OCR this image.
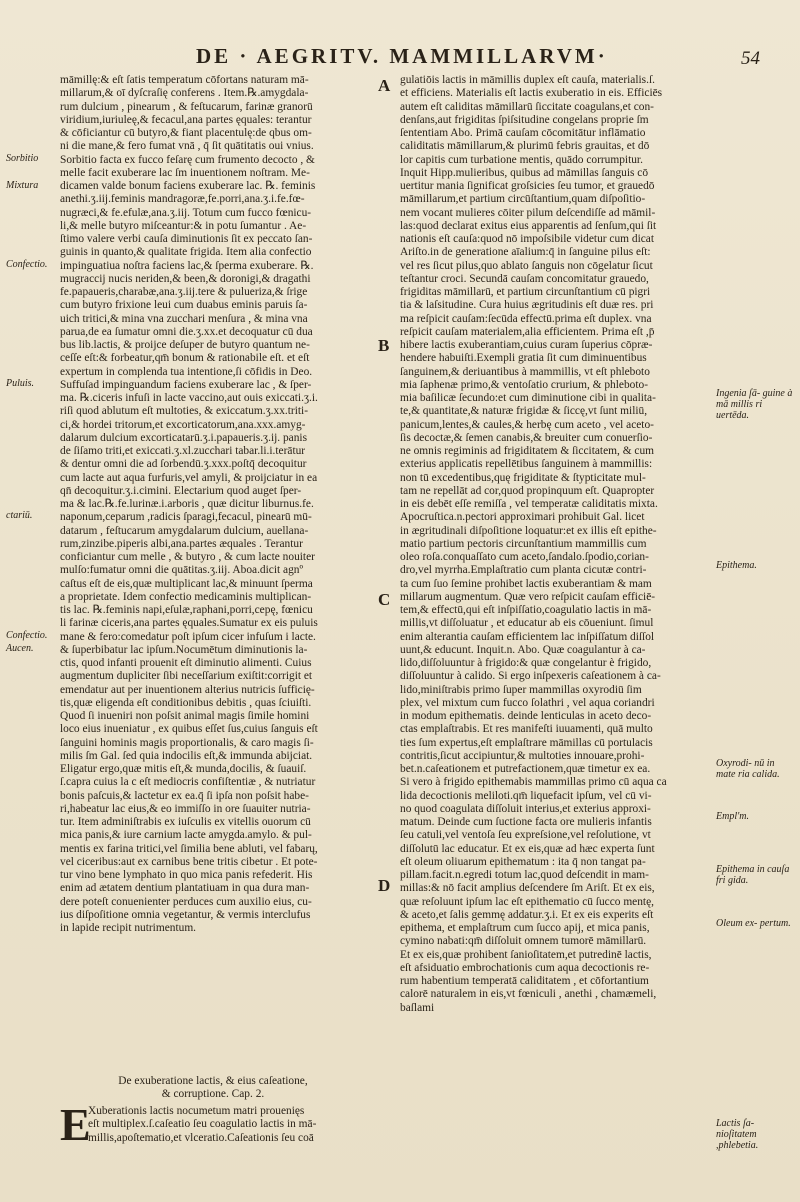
DE · AEGRITV. MAMMILLARVM·	54
A
B
C
D
Sorbitio
Mixtura
Confectio.
Puluis.
ctariū.
Confectio.
Aucen.
Ingenia ſā- guine à mā millis ri uertēda.
Epithema.
Oxyrodi- nū in mate ria calida.
Empl'm.
Epithema in cauſa fri gida.
Oleum ex- pertum.
Lactis ſa- nioſitatem ,phlebetia.
māmillę:& eſt ſatis temperatum cōfortans naturam mā-
millarum,& oī dyſcraſię conferens . Item.℞.amygdala-
rum dulcium , pinearum , & feſtucarum, farinæ granorū
viridium,iuriuleę,& fecacul,ana partes ęquales: terantur
& cōficiantur cū butyro,& fiant placentulę:de qbus om-
ni die mane,& fero fumat vnā , q̄ ſit quātitatis oui vnius.
Sorbitio facta ex fucco feſarę cum frumento decocto , &
melle facit exuberare lac ſm inuentionem noſtram. Me-
dicamen valde bonum faciens exuberare lac. ℞. feminis
anethi.ʒ.iij.feminis mandragoræ,fe.porri,ana.ʒ.i.fe.fœ-
nugræci,& fe.efulæ,ana.ʒ.iij. Totum cum fucco fœnicu-
li,& melle butyro miſceantur:& in potu ſumantur . Ae-
ſtimo valere verbi cauſa diminutionis ſit ex peccato ſan-
guinis in quanto,& qualitate frigida. Item alia confectio
impinguatiua noſtra faciens lac,& ſperma exuberare. ℞.
mugraccij nucis neriden,& been,& doronigi,& dragathi
fe.papaueris,charabæ,ana.ʒ.iij.tere & puluerizа,& ſrige
cum butyro frixione leui cum duabus eminis paruis ſa-
uich tritici,& mina vna zucchari menſura , & mina vna
parua,de ea ſumatur omni die.ʒ.xx.et decoquatur cū dua
bus lib.lactis, & proijce deſuper de butyro quantum ne-
ceſſe eſt:& forbeatur,qm̄ bonum & rationabile eſt. et eſt
expertum in complenda tua intentione,ſi cōfidis in Deo.
Suffuſad impinguandum faciens exuberare lac , & ſper-
ma. ℞.ciceris infuſi in lacte vaccino,aut ouis exiccati.ʒ.i.
riſi quod ablutum eſt multoties, & exiccatum.ʒ.xx.triti-
ci,& hordei tritorum,et excorticatorum,ana.xxx.amyg-
dalarum dulcium excorticatarū.ʒ.i.papaueris.ʒ.ij. panis
de ſiſamo triti,et exiccati.ʒ.xl.zucchari tabar.li.i.terātur
& dentur omni die ad ſorbendū.ʒ.xxx.poſtq̄ decoquitur
cum lacte aut aqua furfuris,vel amyli, & proijciatur in ea
qn̄ decoquitur.ʒ.i.cimini. Electarium quod auget ſper-
ma & lac.℞.fe.lurinæ.i.arboris , quæ dicitur liburnus.fe.
naponum,ceparum ,radicis ſparagi,fecacul, pinearū mū-
datarum , feſtucarum amygdalarum dulcium, auellana-
rum,zinzibe.piperis albi,ana.partes æquales . Terantur
conficiantur cum melle , & butyro , & cum lacte nouiter
mulſo:fumatur omni die quātitas.ʒ.iij. Aboa.dicit agnº
caſtus eſt de eis,quæ multiplicant lac,& minuunt ſperma
a proprietate. Idem confectio medicaminis multiplican-
tis lac. ℞.feminis napi,eſulæ,raphani,porri,cepę, fœnicu
li farinæ ciceris,ana partes ęquales.Sumatur ex eis puluis
mane & fero:comedatur poſt ipſum cicer infuſum i lacte.
& ſuperbibatur lac ipſum.Nocumētum diminutionis la-
ctis, quod infanti prouenit eſt diminutio alimenti. Cuius
augmentum dupliciter ſibi neceſſarium exiſtit:corrigit et
emendatur aut per inuentionem alterius nutricis ſufficię-
tis,quæ eligenda eſt conditionibus debitis , quas ſciuiſti.
Quod ſi inueniri non poſsit animal magis ſimile homini
loco eius inueniatur , ex quibus eſſet ſus,cuius ſanguis eſt
ſanguini hominis magis proportionalis, & caro magis ſi-
milis ſm Gal. ſed quia indocilis eſt,& immunda abijciat.
Eligatur ergo,quæ mitis eſt,& munda,docilis, & ſuauiſ.
ſ.capra cuius la c eſt mediocris confiſtentiæ , & nutriatur
bonis paſcuis,& lactetur ex ea.q̄ ſi ipſa non poſsit habe-
ri,habeatur lac eius,& eo immiſſo in ore ſuauiter nutria-
tur. Item adminiſtrabis ex iuſculis ex vitellis ouorum cū
mica panis,& iure carnium lacte amygda.amylo. & pul-
mentis ex farina tritici,vel ſimilia bene abluti, vel fabarų,
vel ciceribus:aut ex carnibus bene tritis cibetur . Et pote-
tur vino bene lymphato in quo mica panis refederit. His
enim ad ætatem dentium plantatiuam in qua dura man-
dere poteſt conuenienter perduces cum auxilio eius, cu-
ius diſpoſitione omnia vegetantur, & vermis interclufus
in lapide recipit nutrimentum.
De exuberatione lactis, & eius caſeatione,
& corruptione. Cap. 2.
E
Xuberationis lactis nocumetum matri prouenięs
eſt multiplex.ſ.caſeatio ſeu coagulatio lactis in mā-
millis,apoſtematio,et vlceratio.Caſeationis ſeu coā
gulatiōis lactis in māmillis duplex eſt cauſa, materialis.ſ.
et efficiens. Materialis eſt lactis exuberatio in eis. Efficiēs
autem eſt caliditas māmillarū ſiccitate coagulans,et con-
denſans,aut frigiditas ſpiſsitudine congelans proprie ſm
ſententiam Abo. Primā cauſam cōcomitātur inflāmatio
caliditatis māmillarum,& plurimū febris grauitas, et dō
lor capitis cum turbatione mentis, quādo corrumpitur.
Inquit Hipp.mulieribus, quibus ad māmillas ſanguis cō
uertitur mania ſignificat groſsicies ſeu tumor, et grauedō
māmillarum,et partium circūſtantium,quam diſpoſitio-
nem vocant mulieres cōiter pilum deſcendiſſe ad māmil-
las:quod declarat exitus eius apparentis ad ſenſum,qui ſit
nationis eſt cauſa:quod nō impoſsibile videtur cum dicat
Ariſto.in de generatione aīalium:q̄ in ſanguine pilus eſt:
vel res ſicut pilus,quo ablato ſanguis non cōgelatur ſicut
teſtantur croci. Secundā cauſam concomitatur grauedo,
frigiditas māmillarū, et partium circunſtantium cū pigri
tia & laſsitudine. Cura huius ægritudinis eſt duæ res. pri
ma reſpicit cauſam:ſecūda effectū.prima eſt duplex. vna
reſpicit cauſam materialem,alia efficientem. Prima eſt ,p̄
hibere lactis exuberantiam,cuius curam ſuperius cōpræ-
hendere habuiſti.Exempli gratia ſit cum diminuentibus
ſanguinem,& deriuantibus à mammillis, vt eſt phleboto
mia ſaphenæ primo,& ventoſatio crurium, & phleboto-
mia baſilicæ ſecundo:et cum diminutione cibi in qualita-
te,& quantitate,& naturæ frigidæ & ſiccę,vt ſunt miliū,
panicum,lentes,& caules,& herbę cum aceto , vel aceto-
ſis decoctæ,& ſemen canabis,& breuiter cum conuerſio-
ne omnis regiminis ad frigiditatem & ſiccitatem, & cum
exterius applicatis repellētibus ſanguinem à mammillis:
non tū excedentibus,quę frigiditate & ſtypticitate mul-
tam ne repellāt ad cor,quod propinquum eſt. Quapropter
in eis debēt eſſe remiſſa , vel temperatæ caliditatis mixta.
Apocruſtica.n.pectori approximari prohibuit Gal. licet
in ægritudinali diſpoſitione loquatur:et ex illis eſt epithe-
matio partium pectoris circunſtantium mammillis cum
oleo roſa.conquaſſato cum aceto,ſandalo.ſpodio,corian-
dro,vel myrrha.Emplaſtratio cum planta cicutæ contri-
ta cum ſuo ſemine prohibet lactis exuberantiam & mam
millarum augmentum. Quæ vero reſpicit cauſam efficiē-
tem,& effectū,qui eſt inſpiſſatio,coagulatio lactis in mā-
millis,vt diſſoluatur , et educatur ab eis cōueniunt. ſimul
enim alterantia cauſam efficientem lac inſpiſſatum diſſol
uunt,& educunt. Inquit.n. Abo. Quæ coagulantur à ca-
lido,diſſoluuntur à frigido:& quæ congelantur è frigido,
diſſoluuntur à calido. Si ergo inſpexeris caſeationem à ca-
lido,miniſtrabis primo ſuper mammillas oxyrodiū ſim
plex, vel mixtum cum fucco ſolathri , vel aqua coriandri
in modum epithematis. deinde lenticulas in aceto deco-
ctas emplaſtrabis. Et res manifeſti iuuamenti, quā multo
ties ſum expertus,eſt emplaſtrare māmillas cū portulacis
contritis,ſicut accipiuntur,& multoties innouare,prohi-
bet.n.caſeationem et putrefactionem,quæ timetur ex ea.
Si vero à frigido epithemabis mammillas primo cū aqua ca
lida decoctionis meliloti.qm̄ liquefacit ipſum, vel cū vi-
no quod coagulata diſſoluit interius,et exterius approxi-
matum. Deinde cum ſuctione facta ore mulieris infantis
ſeu catuli,vel ventoſa ſeu expreſsione,vel reſolutione, vt
diſſolutū lac educatur. Et ex eis,quæ ad hæc experta ſunt
eſt oleum oliuarum epithematum : ita q̄ non tangat pa-
pillam.facit.n.egredi totum lac,quod deſcendit in mam-
millas:& nō facit amplius deſcendere ſm Ariſt. Et ex eis,
quæ reſoluunt ipſum lac eſt epithematio cū ſucco mentę,
& aceto,et ſalis gemmę addatur.ʒ.i. Et ex eis experits eſt
epithema, et emplaſtrum cum ſucco apij, et mica panis,
cymino nabati:qm̄ diſſoluit omnem tumorē māmillarū.
Et ex eis,quæ prohibent ſanioſitatem,et putredinē lactis,
eſt afsiduatio embrochationis cum aqua decoctionis re-
rum habentium temperatā caliditatem , et cōfortantium
calorē naturalem in eis,vt fœniculi , anethi , chamæmeli,
baſlami
